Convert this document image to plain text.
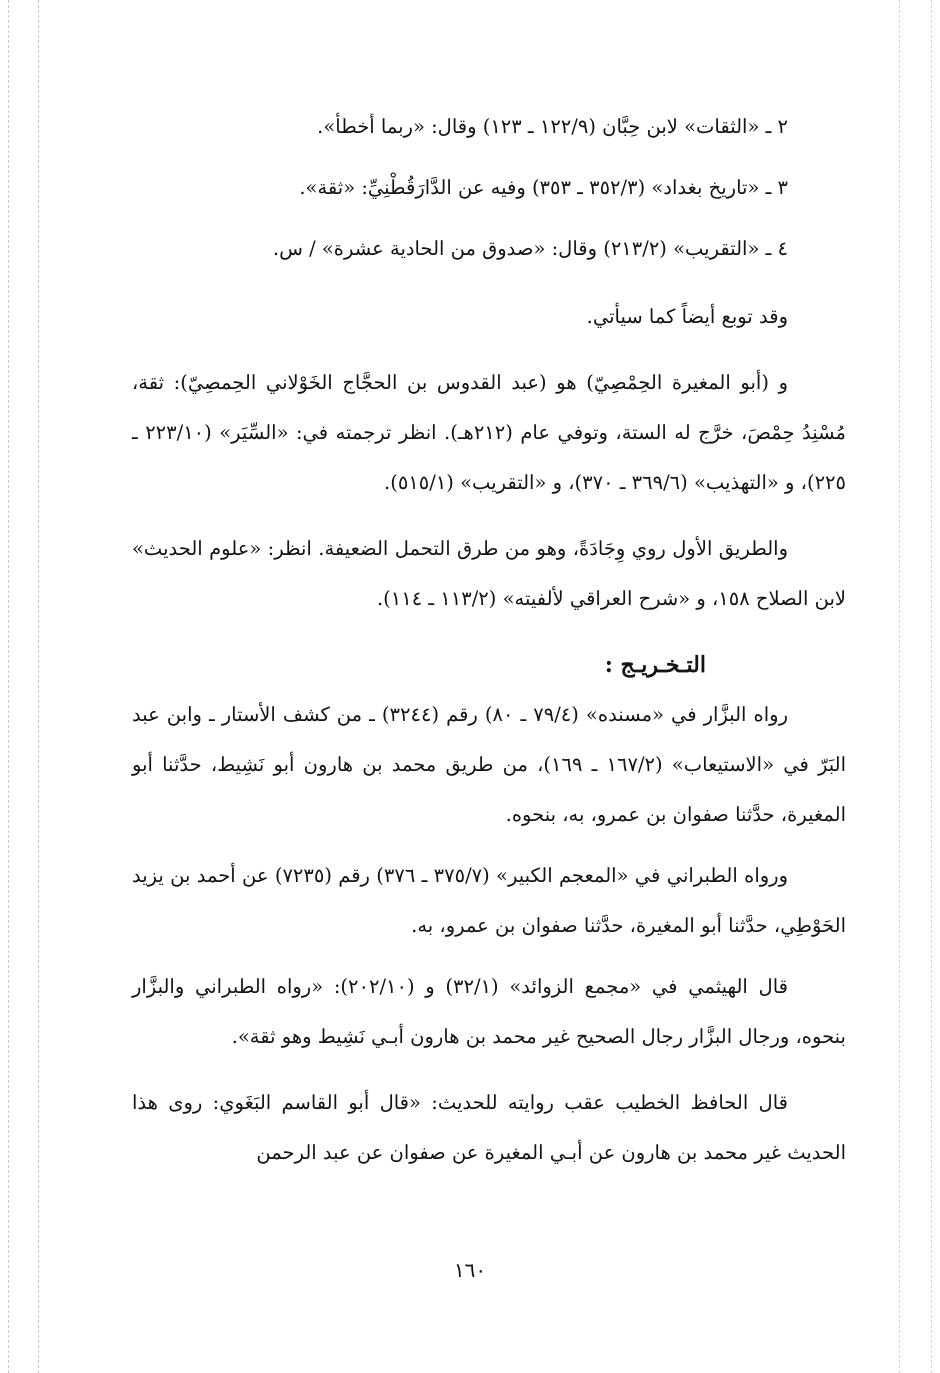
٢ ـ «الثقات» لابن حِبَّان (١٢٢/٩ ـ ١٢٣) وقال: «ربما أخطأ».

٣ ـ «تاريخ بغداد» (٣٥٢/٣ ـ ٣٥٣) وفيه عن الدَّارَقُطْنِيِّ: «ثقة».

٤ ـ «التقريب» (٢١٣/٢) وقال: «صدوق من الحادية عشرة» / س.

وقد توبع أيضاً كما سيأتي.

و (أبو المغيرة الحِمْصِيّ) هو (عبد القدوس بن الحجَّاج الخَوْلاني الحِمصِيّ): ثقة، مُسْنِدُ حِمْصَ، خرَّج له الستة، وتوفي عام (٢١٢هـ). انظر ترجمته في: «السِّيَر» (٢٢٣/١٠ ـ ٢٢٥)، و «التهذيب» (٣٦٩/٦ ـ ٣٧٠)، و «التقريب» (٥١٥/١).

والطريق الأول روي وِجَادَةً، وهو من طرق التحمل الضعيفة. انظر: «علوم الحديث» لابن الصلاح ١٥٨، و «شرح العراقي لألفيته» (١١٣/٢ ـ ١١٤).

التـخـريـج :

رواه البزَّار في «مسنده» (٧٩/٤ ـ ٨٠) رقم (٣٢٤٤) ـ من كشف الأستار ـ وابن عبد البَرّ في «الاستيعاب» (١٦٧/٢ ـ ١٦٩)، من طريق محمد بن هارون أبو نَشِيط، حدَّثنا أبو المغيرة، حدَّثنا صفوان بن عمرو، به، بنحوه.

ورواه الطبراني في «المعجم الكبير» (٣٧٥/٧ ـ ٣٧٦) رقم (٧٢٣٥) عن أحمد بن يزيد الحَوْطِي، حدَّثنا أبو المغيرة، حدَّثنا صفوان بن عمرو، به.

قال الهيثمي في «مجمع الزوائد» (٣٢/١) و (٢٠٢/١٠): «رواه الطبراني والبزَّار بنحوه، ورجال البزَّار رجال الصحيح غير محمد بن هارون أبـي نَشِيط وهو ثقة».

قال الحافظ الخطيب عقب روايته للحديث: «قال أبو القاسم البَغَوي: روى هذا الحديث غير محمد بن هارون عن أبـي المغيرة عن صفوان عن عبد الرحمن

١٦٠
